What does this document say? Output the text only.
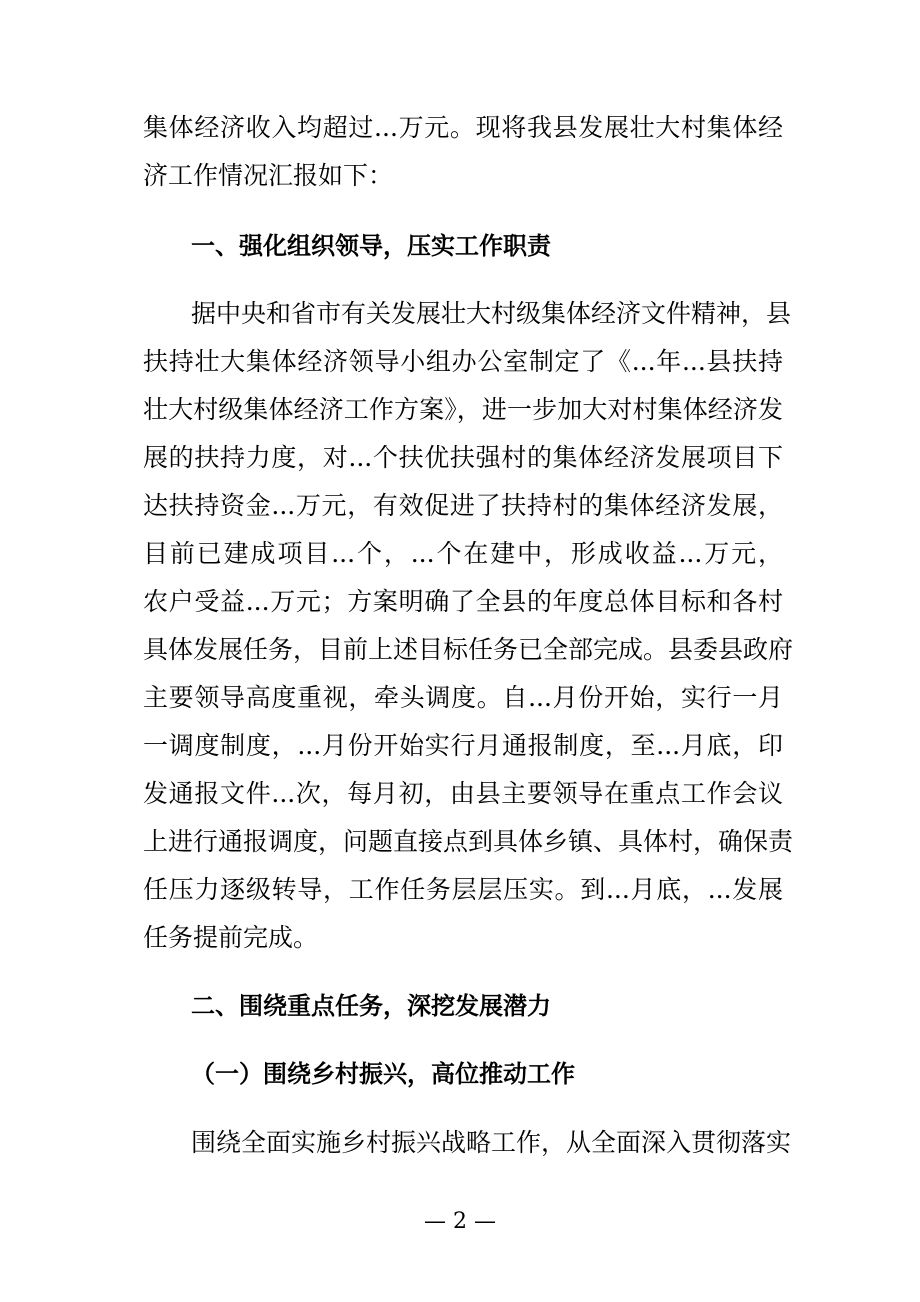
集体经济收入均超过...万元。现将我县发展壮大村集体经
济工作情况汇报如下：
一、强化组织领导，压实工作职责
据中央和省市有关发展壮大村级集体经济文件精神，县
扶持壮大集体经济领导小组办公室制定了《...年...县扶持
壮大村级集体经济工作方案》，进一步加大对村集体经济发
展的扶持力度，对...个扶优扶强村的集体经济发展项目下
达扶持资金...万元，有效促进了扶持村的集体经济发展，
目前已建成项目...个，...个在建中，形成收益...万元，
农户受益...万元；方案明确了全县的年度总体目标和各村
具体发展任务，目前上述目标任务已全部完成。县委县政府
主要领导高度重视，牵头调度。自...月份开始，实行一月
一调度制度，...月份开始实行月通报制度，至...月底，印
发通报文件...次，每月初，由县主要领导在重点工作会议
上进行通报调度，问题直接点到具体乡镇、具体村，确保责
任压力逐级转导，工作任务层层压实。到...月底，...发展
任务提前完成。
二、围绕重点任务，深挖发展潜力
（一）围绕乡村振兴，高位推动工作
围绕全面实施乡村振兴战略工作，从全面深入贯彻落实
— 2 —
